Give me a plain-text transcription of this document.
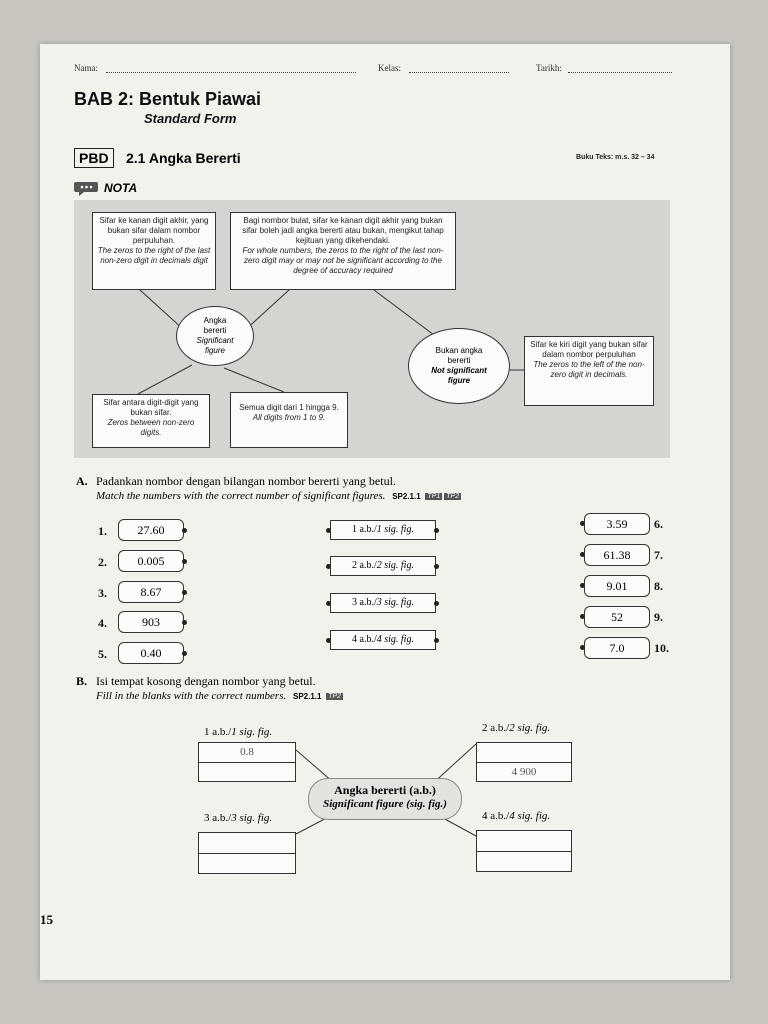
Nama:	Kelas:	Tarikh:
BAB 2: Bentuk Piawai
Standard Form
PBD	2.1 Angka Bererti	Buku Teks: m.s. 32 – 34
NOTA
Sifar ke kanan digit akhir, yang bukan sifar dalam nombor perpuluhan.
The zeros to the right of the last non-zero digit in decimals digit
Bagi nombor bulat, sifar ke kanan digit akhir yang bukan sifar boleh jadi angka bererti atau bukan, mengikut tahap kejituan yang dikehendaki.
For whole numbers, the zeros to the right of the last non-zero digit may or may not be significant according to the degree of accuracy required
Angka bererti
Significant figure	Bukan angka bererti
Not significant figure
Sifar ke kiri digit yang bukan sifar dalam nombor perpuluhan
The zeros to the left of the non-zero digit in decimals.
Sifar antara digit-digit yang bukan sifar.
Zeros between non-zero digits.
Semua digit dari 1 hingga 9.
All digits from 1 to 9.
A. Padankan nombor dengan bilangan nombor bererti yang betul.
Match the numbers with the correct number of significant figures. SP2.1.1 TP1 TP2
1.	27.60
2.	0.005
3.	8.67
4.	903
5.	0.40
1 a.b./1 sig. fig.
2 a.b./2 sig. fig.
3 a.b./3 sig. fig.
4 a.b./4 sig. fig.
3.59	6.
61.38	7.
9.01	8.
52	9.
7.0	10.
B. Isi tempat kosong dengan nombor yang betul.
Fill in the blanks with the correct numbers. SP2.1.1 TP2
1 a.b./1 sig. fig.
0.8
2 a.b./2 sig. fig.
4 900
Angka bererti (a.b.)
Significant figure (sig. fig.)
3 a.b./3 sig. fig.	4 a.b./4 sig. fig.
15
